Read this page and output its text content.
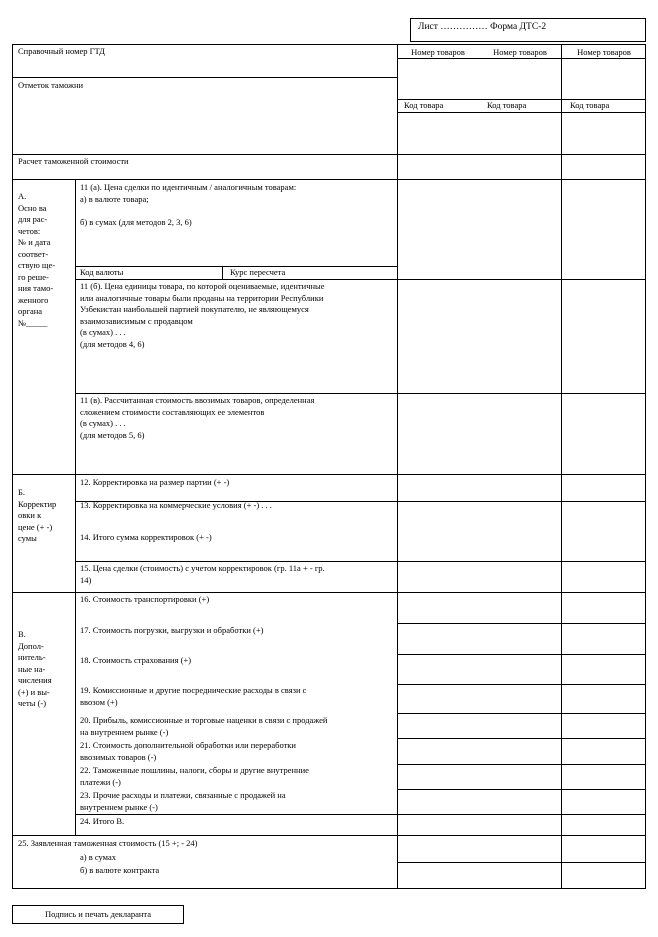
Лист …………… Форма ДТС-2
Справочный номер ГТД
Отметок таможни
Расчет таможенной стоимости
Номер товаров	Номер товаров	Номер товаров
Код товара	Код товара	Код товара
А.
Осно ва
для рас-
четов:
№ и дата
соответ-
ствую ще-
го реше-
ния тамо-
женного
органа
№_____
11 (а). Цена сделки по идентичным / аналогичным товарам:
а) в валюте товара;

б) в сумах (для методов 2, 3, 6)
Код валюты	Курс пересчета
11 (б). Цена единицы товара, по которой оцениваемые, идентичные
или аналогичные товары были проданы на территории Республики
Узбекистан наибольшей партией покупателю, не являющемуся
взаимозависимым с продавцом
(в сумах) . . .
(для методов 4, 6)
11 (в). Рассчитанная стоимость ввозимых товаров, определенная
сложением стоимости составляющих ее элементов
(в сумах) . . .
(для методов 5, 6)
Б.
Корректир
овки к
цене (+ -)
сумы
12. Корректировка на размер партии (+ -)
13. Корректировка на коммерческие условия (+ -) . . .
14. Итого сумма корректировок (+ -)
15. Цена сделки (стоимость) с учетом корректировок (гр. 11а + - гр.
14)
В.
Допол-
нитель-
ные на-
числения
(+) и вы-
четы (-)
16. Стоимость транспортировки (+)
17. Стоимость погрузки, выгрузки и обработки (+)
18. Стоимость страхования (+)
19. Комиссионные и другие посреднические расходы в связи с
ввозом (+)
20. Прибыль, комиссионные и торговые наценки в связи с продажей
на внутреннем рынке (-)
21. Стоимость дополнительной обработки или переработки
ввозимых товаров (-)
22. Таможенные пошлины, налоги, сборы и другие внутренние
платежи (-)
23. Прочие расходы и платежи, связанные с продажей на
внутреннем рынке (-)
24. Итого В.
25. Заявленная таможенная стоимость (15 +; - 24)
а) в сумах
б) в валюте контракта
Подпись и печать декларанта
